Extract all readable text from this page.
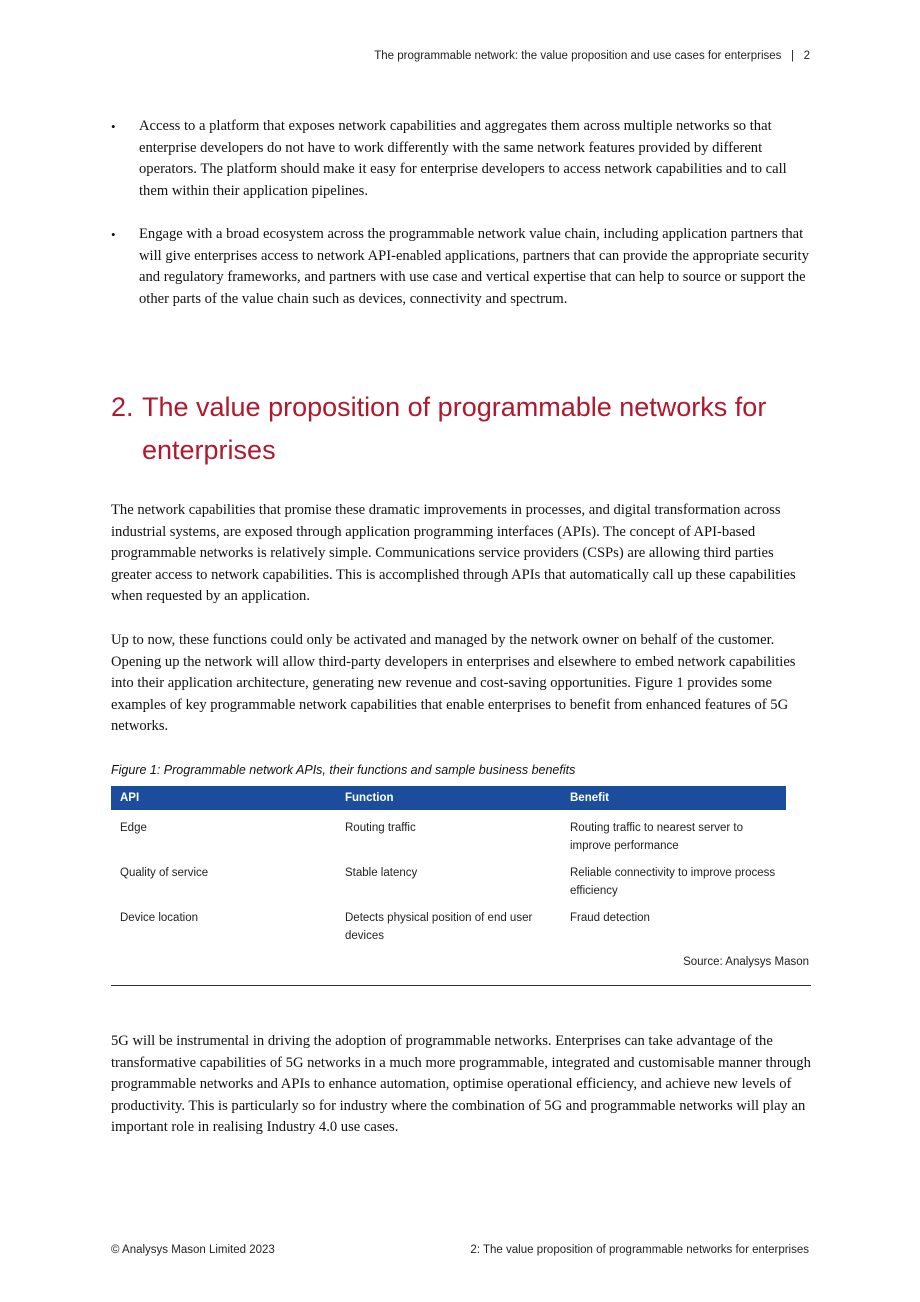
The programmable network: the value proposition and use cases for enterprises | 2
• Access to a platform that exposes network capabilities and aggregates them across multiple networks so that enterprise developers do not have to work differently with the same network features provided by different operators. The platform should make it easy for enterprise developers to access network capabilities and to call them within their application pipelines.
• Engage with a broad ecosystem across the programmable network value chain, including application partners that will give enterprises access to network API-enabled applications, partners that can provide the appropriate security and regulatory frameworks, and partners with use case and vertical expertise that can help to source or support the other parts of the value chain such as devices, connectivity and spectrum.
2. The value proposition of programmable networks for
enterprises

The network capabilities that promise these dramatic improvements in processes, and digital transformation across industrial systems, are exposed through application programming interfaces (APIs). The concept of API-based programmable networks is relatively simple. Communications service providers (CSPs) are allowing third parties greater access to network capabilities. This is accomplished through APIs that automatically call up these capabilities when requested by an application.

Up to now, these functions could only be activated and managed by the network owner on behalf of the customer. Opening up the network will allow third-party developers in enterprises and elsewhere to embed network capabilities into their application architecture, generating new revenue and cost-saving opportunities. Figure 1 provides some examples of key programmable network capabilities that enable enterprises to benefit from enhanced features of 5G networks.

Figure 1: Programmable network APIs, their functions and sample business benefits
API	Function	Benefit
Edge	Routing traffic	Routing traffic to nearest server to improve performance
Quality of service	Stable latency	Reliable connectivity to improve process efficiency
Device location	Detects physical position of end user devices	Fraud detection
Source: Analysys Mason

5G will be instrumental in driving the adoption of programmable networks. Enterprises can take advantage of the transformative capabilities of 5G networks in a much more programmable, integrated and customisable manner through programmable networks and APIs to enhance automation, optimise operational efficiency, and achieve new levels of productivity. This is particularly so for industry where the combination of 5G and programmable networks will play an important role in realising Industry 4.0 use cases.

© Analysys Mason Limited 2023	2: The value proposition of programmable networks for enterprises
